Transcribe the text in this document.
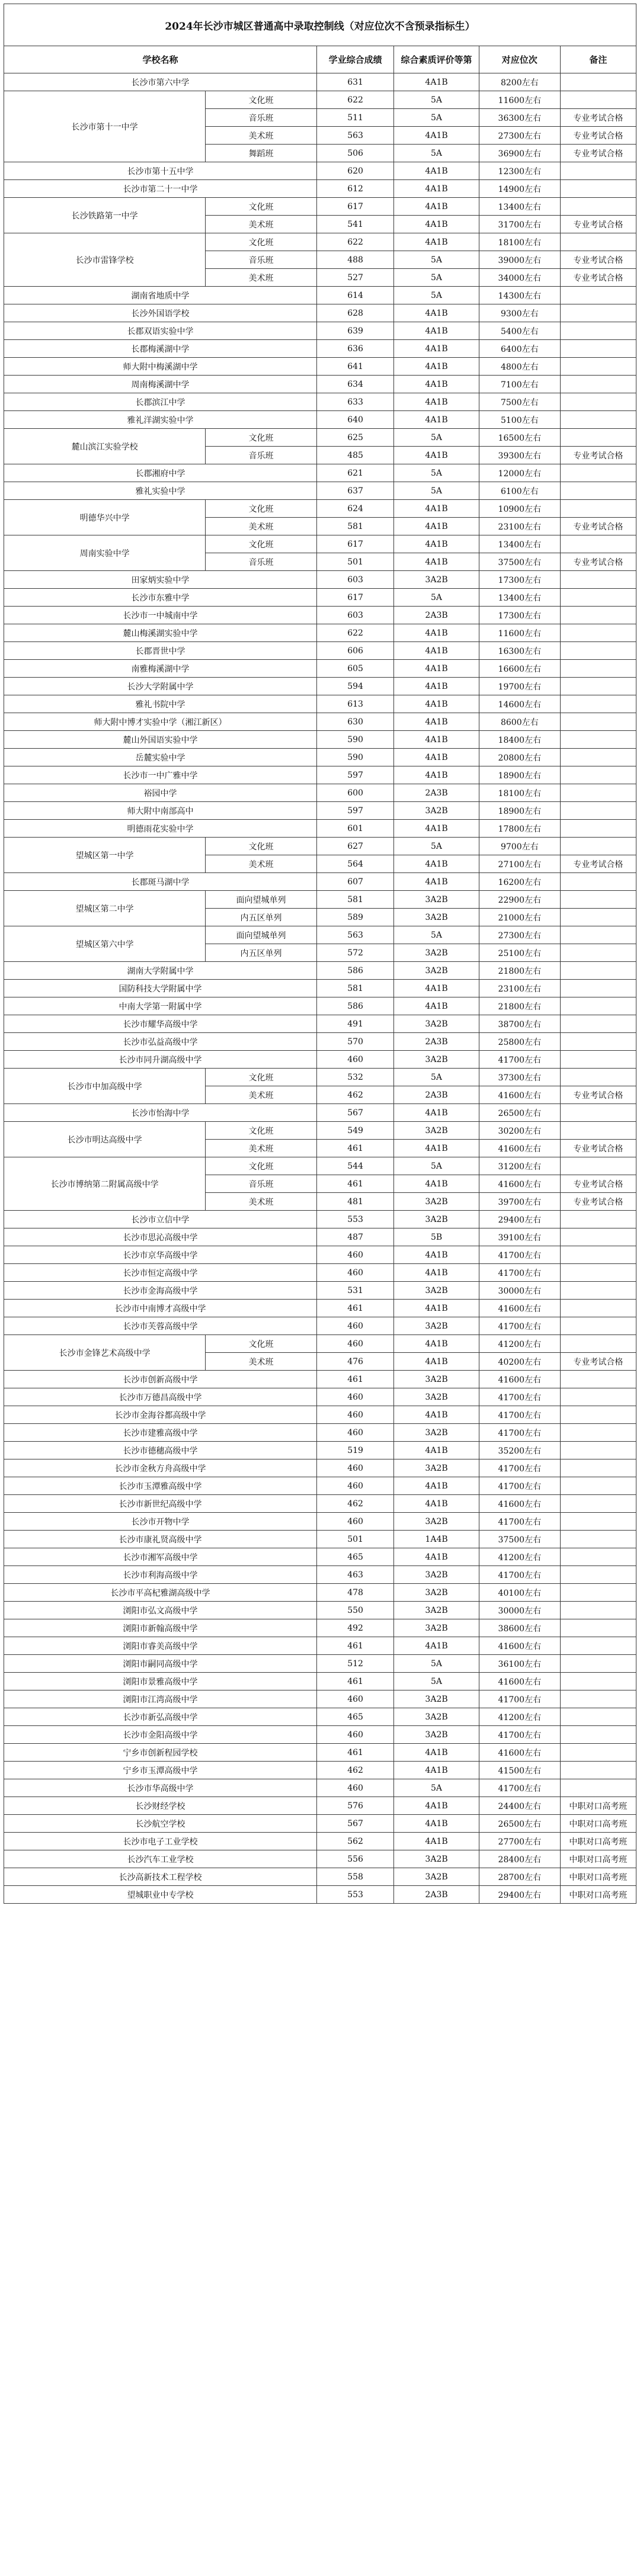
2024年长沙市城区普通高中录取控制线（对应位次不含预录指标生）					
学校名称		学业综合成绩	综合素质评价等第	对应位次	备注
长沙市第六中学		631	4A1B	8200左右	
长沙市第十一中学	文化班	622	5A	11600左右	
	音乐班	511	5A	36300左右	专业考试合格
	美术班	563	4A1B	27300左右	专业考试合格
	舞蹈班	506	5A	36900左右	专业考试合格
长沙市第十五中学		620	4A1B	12300左右	
长沙市第二十一中学		612	4A1B	14900左右	
长沙铁路第一中学	文化班	617	4A1B	13400左右	
	美术班	541	4A1B	31700左右	专业考试合格
长沙市雷锋学校	文化班	622	4A1B	18100左右	
	音乐班	488	5A	39000左右	专业考试合格
	美术班	527	5A	34000左右	专业考试合格
湖南省地质中学		614	5A	14300左右	
长沙外国语学校		628	4A1B	9300左右	
长郡双语实验中学		639	4A1B	5400左右	
长郡梅溪湖中学		636	4A1B	6400左右	
师大附中梅溪湖中学		641	4A1B	4800左右	
周南梅溪湖中学		634	4A1B	7100左右	
长郡滨江中学		633	4A1B	7500左右	
雅礼洋湖实验中学		640	4A1B	5100左右	
麓山滨江实验学校	文化班	625	5A	16500左右	
	音乐班	485	4A1B	39300左右	专业考试合格
长郡湘府中学		621	5A	12000左右	
雅礼实验中学		637	5A	6100左右	
明德华兴中学	文化班	624	4A1B	10900左右	
	美术班	581	4A1B	23100左右	专业考试合格
周南实验中学	文化班	617	4A1B	13400左右	
	音乐班	501	4A1B	37500左右	专业考试合格
田家炳实验中学		603	3A2B	17300左右	
长沙市东雅中学		617	5A	13400左右	
长沙市一中城南中学		603	2A3B	17300左右	
麓山梅溪湖实验中学		622	4A1B	11600左右	
长郡晋世中学		606	4A1B	16300左右	
南雅梅溪湖中学		605	4A1B	16600左右	
长沙大学附属中学		594	4A1B	19700左右	
雅礼书院中学		613	4A1B	14600左右	
师大附中博才实验中学（湘江新区）		630	4A1B	8600左右	
麓山外国语实验中学		590	4A1B	18400左右	
岳麓实验中学		590	4A1B	20800左右	
长沙市一中广雅中学		597	4A1B	18900左右	
裕园中学		600	2A3B	18100左右	
师大附中南部高中		597	3A2B	18900左右	
明德雨花实验中学		601	4A1B	17800左右	
望城区第一中学	文化班	627	5A	9700左右	
	美术班	564	4A1B	27100左右	专业考试合格
长郡斑马湖中学		607	4A1B	16200左右	
望城区第二中学	面向望城单列	581	3A2B	22900左右	
	内五区单列	589	3A2B	21000左右	
望城区第六中学	面向望城单列	563	5A	27300左右	
	内五区单列	572	3A2B	25100左右	
湖南大学附属中学		586	3A2B	21800左右	
国防科技大学附属中学		581	4A1B	23100左右	
中南大学第一附属中学		586	4A1B	21800左右	
长沙市耀华高级中学		491	3A2B	38700左右	
长沙市弘益高级中学		570	2A3B	25800左右	
长沙市同升湖高级中学		460	3A2B	41700左右	
长沙市中加高级中学	文化班	532	5A	37300左右	
	美术班	462	2A3B	41600左右	专业考试合格
长沙市怡海中学		567	4A1B	26500左右	
长沙市明达高级中学	文化班	549	3A2B	30200左右	
	美术班	461	4A1B	41600左右	专业考试合格
长沙市博纳第二附属高级中学	文化班	544	5A	31200左右	
	音乐班	461	4A1B	41600左右	专业考试合格
	美术班	481	3A2B	39700左右	专业考试合格
长沙市立信中学		553	3A2B	29400左右	
长沙市思沁高级中学		487	5B	39100左右	
长沙市京华高级中学		460	4A1B	41700左右	
长沙市恒定高级中学		460	4A1B	41700左右	
长沙市金海高级中学		531	3A2B	30000左右	
长沙市中南博才高级中学		461	4A1B	41600左右	
长沙市芙蓉高级中学		460	3A2B	41700左右	
长沙市金锋艺术高级中学	文化班	460	4A1B	41200左右	
	美术班	476	4A1B	40200左右	专业考试合格
长沙市创新高级中学		461	3A2B	41600左右	
长沙市万德昌高级中学		460	3A2B	41700左右	
长沙市金海谷都高级中学		460	4A1B	41700左右	
长沙市建雅高级中学		460	3A2B	41700左右	
长沙市德穗高级中学		519	4A1B	35200左右	
长沙市金秋方舟高级中学		460	3A2B	41700左右	
长沙市玉潭雅高级中学		460	4A1B	41700左右	
长沙市新世纪高级中学		462	4A1B	41600左右	
长沙市开物中学		460	3A2B	41700左右	
长沙市康礼贤高级中学		501	1A4B	37500左右	
长沙市湘军高级中学		465	4A1B	41200左右	
长沙市利海高级中学		463	3A2B	41700左右	
长沙市平高杞雅湖高级中学		478	3A2B	40100左右	
浏阳市弘文高级中学		550	3A2B	30000左右	
浏阳市新翰高级中学		492	3A2B	38600左右	
浏阳市睿美高级中学		461	4A1B	41600左右	
浏阳市嗣同高级中学		512	5A	36100左右	
浏阳市景雅高级中学		461	5A	41600左右	
浏阳市江湾高级中学		460	3A2B	41700左右	
长沙市新弘高级中学		465	3A2B	41200左右	
长沙市金阳高级中学		460	3A2B	41700左右	
宁乡市创新程园学校		461	4A1B	41600左右	
宁乡市玉潭高级中学		462	4A1B	41500左右	
长沙市华高级中学		460	5A	41700左右	
长沙财经学校		576	4A1B	24400左右	中职对口高考班
长沙航空学校		567	4A1B	26500左右	中职对口高考班
长沙市电子工业学校		562	4A1B	27700左右	中职对口高考班
长沙汽车工业学校		556	3A2B	28400左右	中职对口高考班
长沙高新技术工程学校		558	3A2B	28700左右	中职对口高考班
望城职业中专学校		553	2A3B	29400左右	中职对口高考班
